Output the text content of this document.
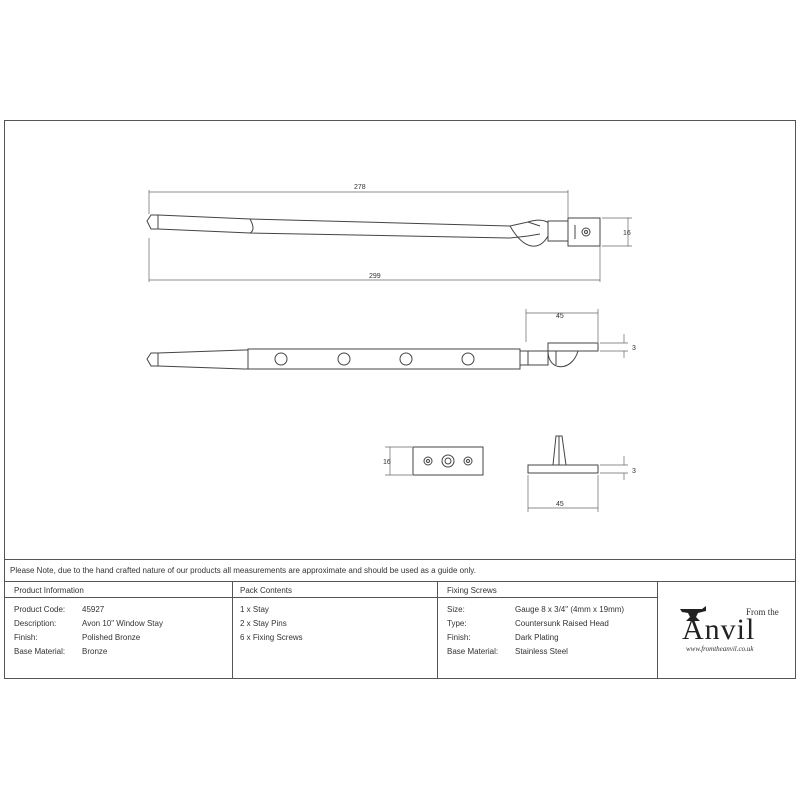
278
299
16
45
3
16
3
45
Please Note, due to the hand crafted nature of our products all measurements are approximate and should be used as a guide only.
Product Information	Pack Contents	Fixing Screws
Product Code: 45927
Description:	Avon 10" Window Stay
Finish:	Polished Bronze
Base Material: Bronze
1 x Stay
2 x Stay Pins
6 x Fixing Screws
Size:	Gauge 8 x 3/4" (4mm x 19mm)
Type:	Countersunk Raised Head
Finish:	Dark Plating
Base Material: Stainless Steel
From the
Anvil
www.fromtheanvil.co.uk
